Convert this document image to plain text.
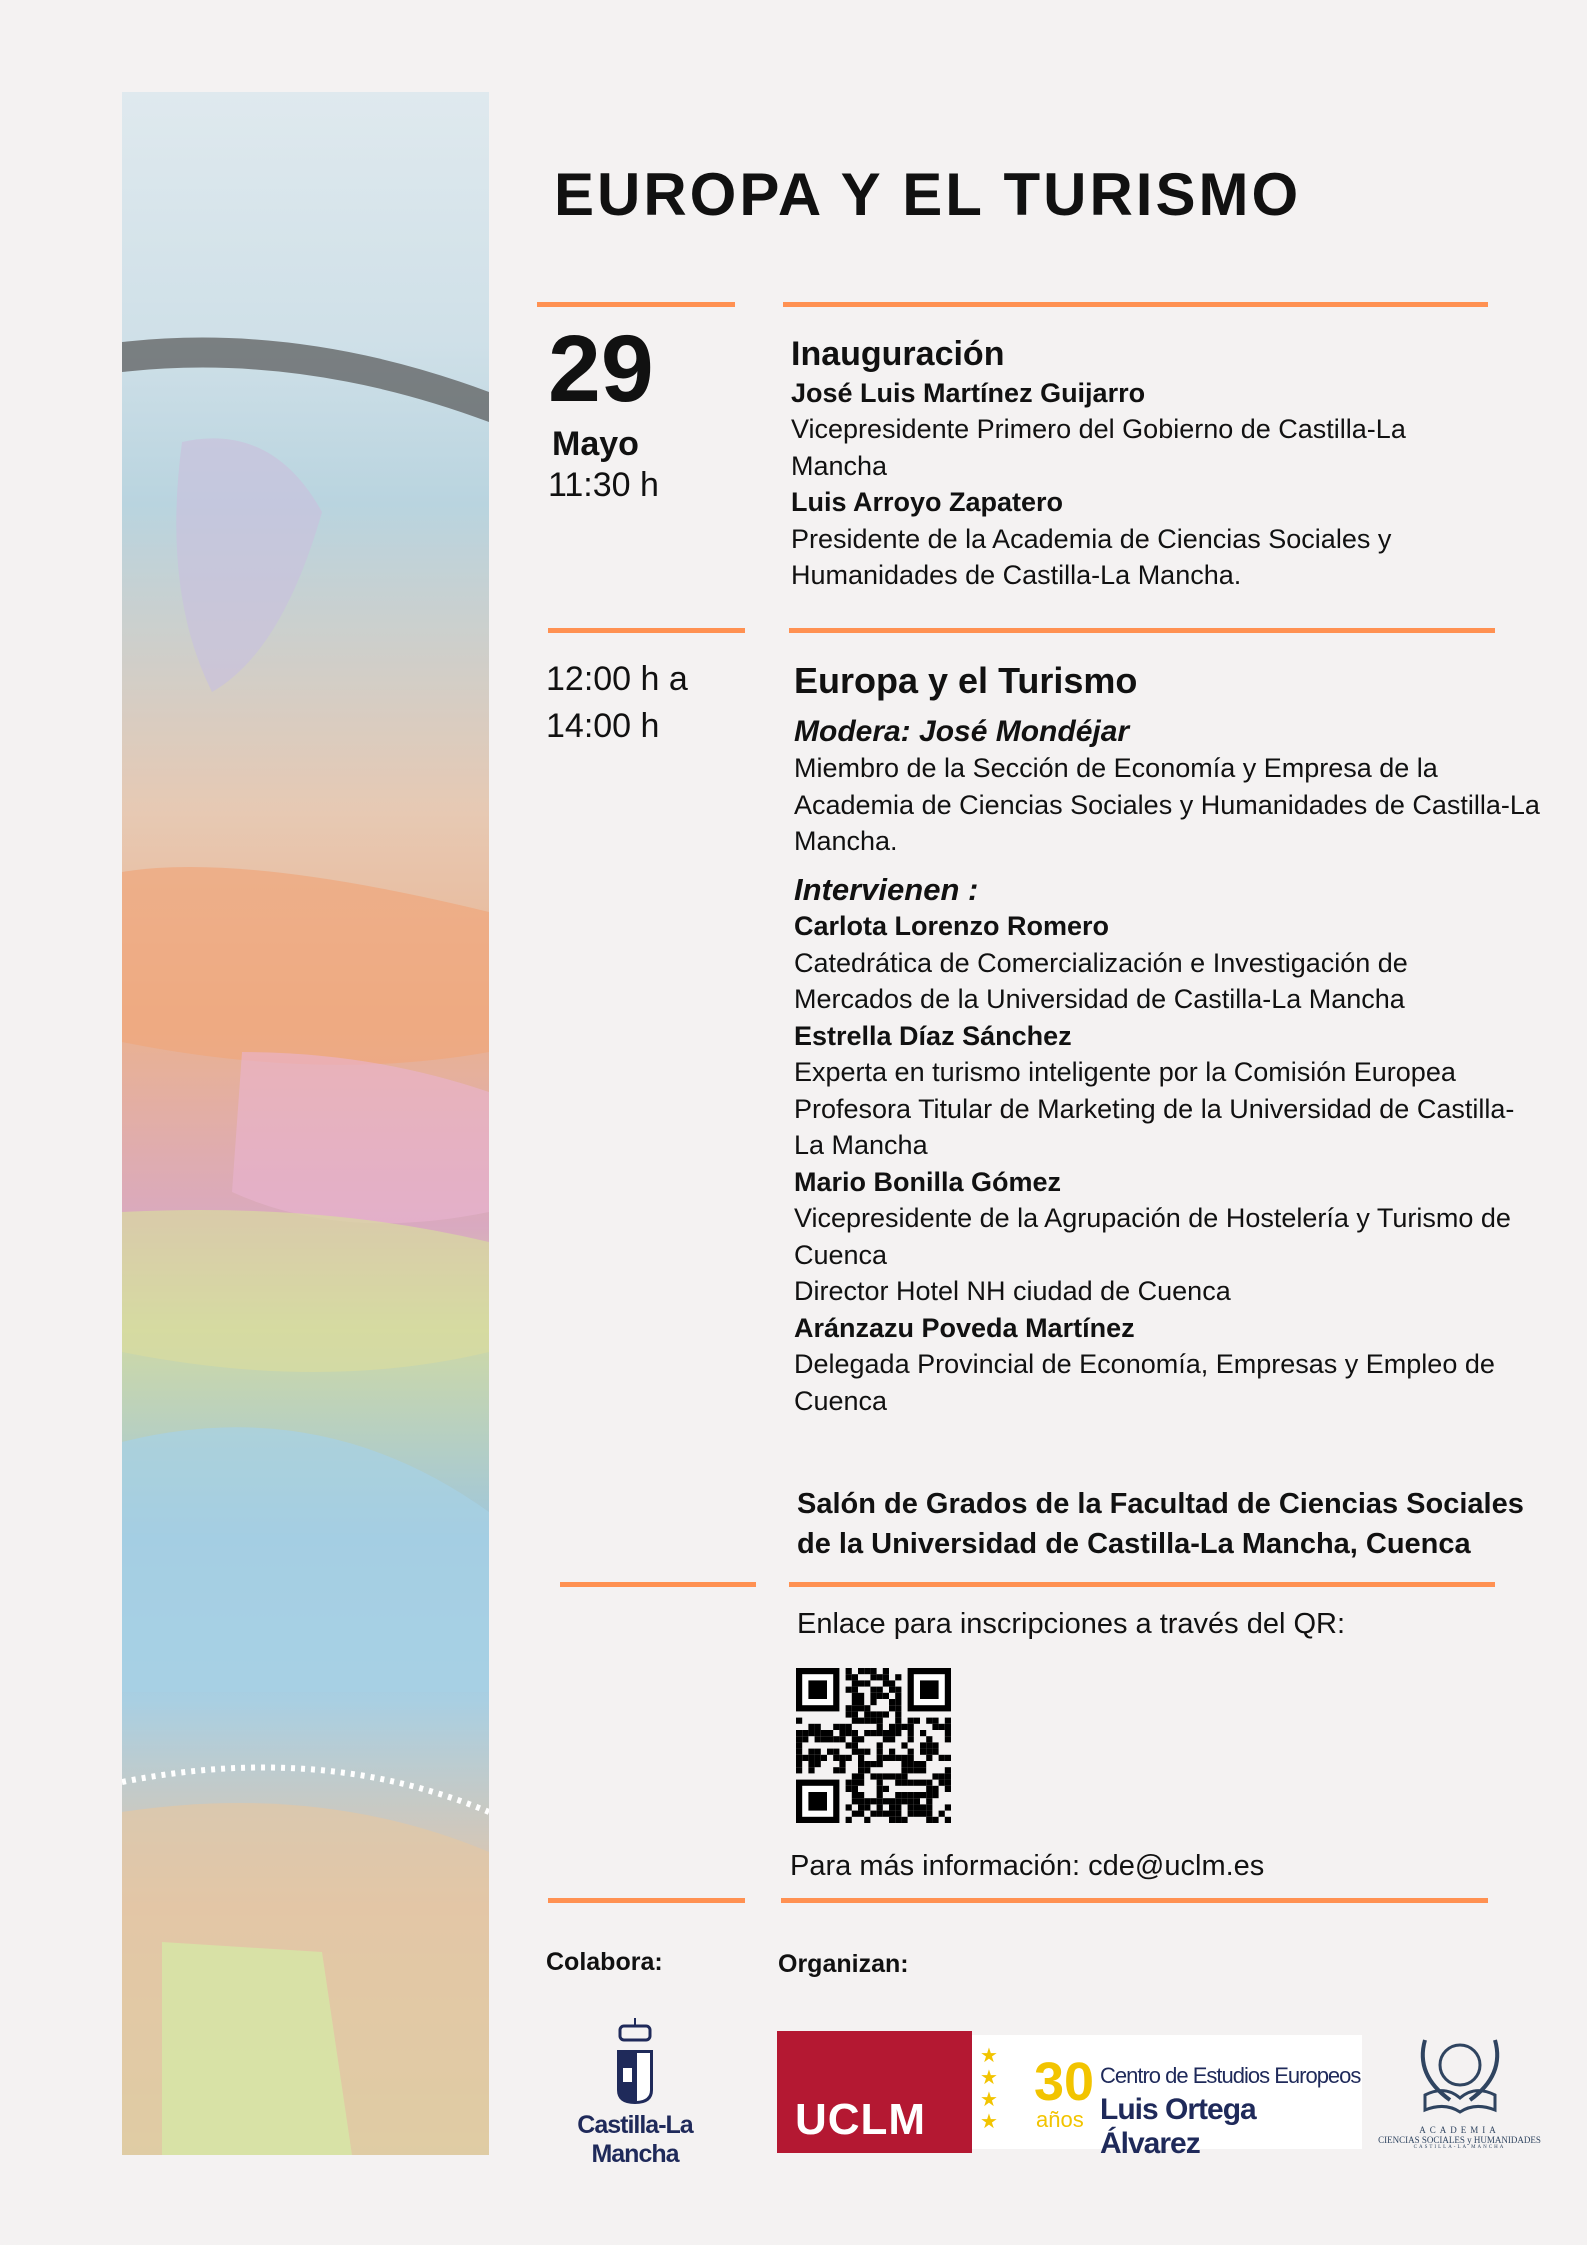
EUROPA Y EL TURISMO
29
Mayo
11:30 h
Inauguración
José Luis Martínez Guijarro
Vicepresidente Primero del Gobierno de Castilla-La Mancha
Luis Arroyo Zapatero
Presidente de la Academia de Ciencias Sociales y Humanidades de Castilla-La Mancha.
12:00 h a
14:00 h
Europa y el Turismo
Modera: José Mondéjar
Miembro de la Sección de Economía y Empresa de la Academia de Ciencias Sociales y Humanidades de Castilla-La Mancha.
Intervienen :
Carlota Lorenzo Romero
Catedrática de Comercialización e Investigación de Mercados de la Universidad de Castilla-La Mancha
Estrella Díaz Sánchez
Experta en turismo inteligente por la Comisión Europea Profesora Titular de Marketing de la Universidad de Castilla-La Mancha
Mario Bonilla Gómez
Vicepresidente de la Agrupación de Hostelería y Turismo de Cuenca
Director Hotel NH ciudad de Cuenca
Aránzazu Poveda Martínez
Delegada Provincial de Economía, Empresas y Empleo de Cuenca
Salón de Grados de la Facultad de Ciencias Sociales
de la Universidad de Castilla-La Mancha, Cuenca
Enlace para inscripciones a través del QR:
Para más información: cde@uclm.es
Colabora:	Organizan:
Castilla-La Mancha
UCLM
★
★
★
★
30
años
Centro de Estudios Europeos
Luis Ortega Álvarez	ACADEMIA
CIENCIAS SOCIALES y HUMANIDADES
CASTILLA-LA MANCHA
